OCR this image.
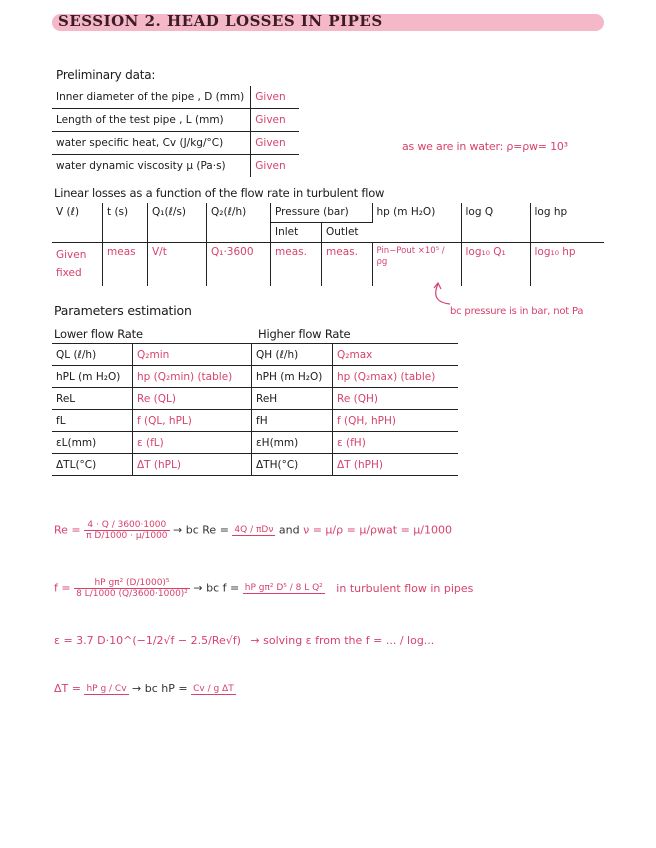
SESSION 2. HEAD LOSSES IN PIPES
Preliminary data:
Inner diameter of the pipe , D (mm)	Given
Length of the test pipe , L (mm)	Given
water specific heat, Cv (J/kg/°C)	Given
water dynamic viscosity μ (Pa·s)	Given
as we are in water: ρ=ρw= 10³
Linear losses as a function of the flow rate in turbulent flow
V (ℓ)	t (s)	Q₁(ℓ/s)	Q₂(ℓ/h)	Pressure (bar)		hp (m H₂O)	log Q	log hp
				Inlet	Outlet			
Given fixed	meas	V/t	Q₁·3600	meas.	meas.	Pin−Pout ×10⁵ / ρg	log₁₀ Q₁	log₁₀ hp
bc pressure is in bar, not Pa
Parameters estimation
Lower flow Rate	Higher flow Rate
QL (ℓ/h)	Q₂min	QH (ℓ/h)	Q₂max
hPL (m H₂O)	hp (Q₂min) (table)	hPH (m H₂O)	hp (Q₂max) (table)
ReL	Re (QL)	ReH	Re (QH)
fL	f (QL, hPL)	fH	f (QH, hPH)
εL(mm)	ε (fL)	εH(mm)	ε (fH)
ΔTL(°C)	ΔT (hPL)	ΔTH(°C)	ΔT (hPH)
$Re = \frac{4 \cdot Q / 3600\cdot 1000}{\text{π D/1000 · μ/1000}}$ → bc Re = 4Q / πDν and ν = μ/ρ = μ/ρwat = μ/1000
$f = \frac{\text{hP gπ² (D/1000)⁵}}{\text{8 L/1000 (Q/3600·1000)²}}$ → bc f = hP gπ² D⁵ / 8 L Q² in turbulent flow in pipes
ε = 3.7 D·10^(−1/2√f − 2.5/Re√f) → solving ε from the f = ... / log...
ΔT = hP g / Cv → bc hP = Cv / g ΔT
